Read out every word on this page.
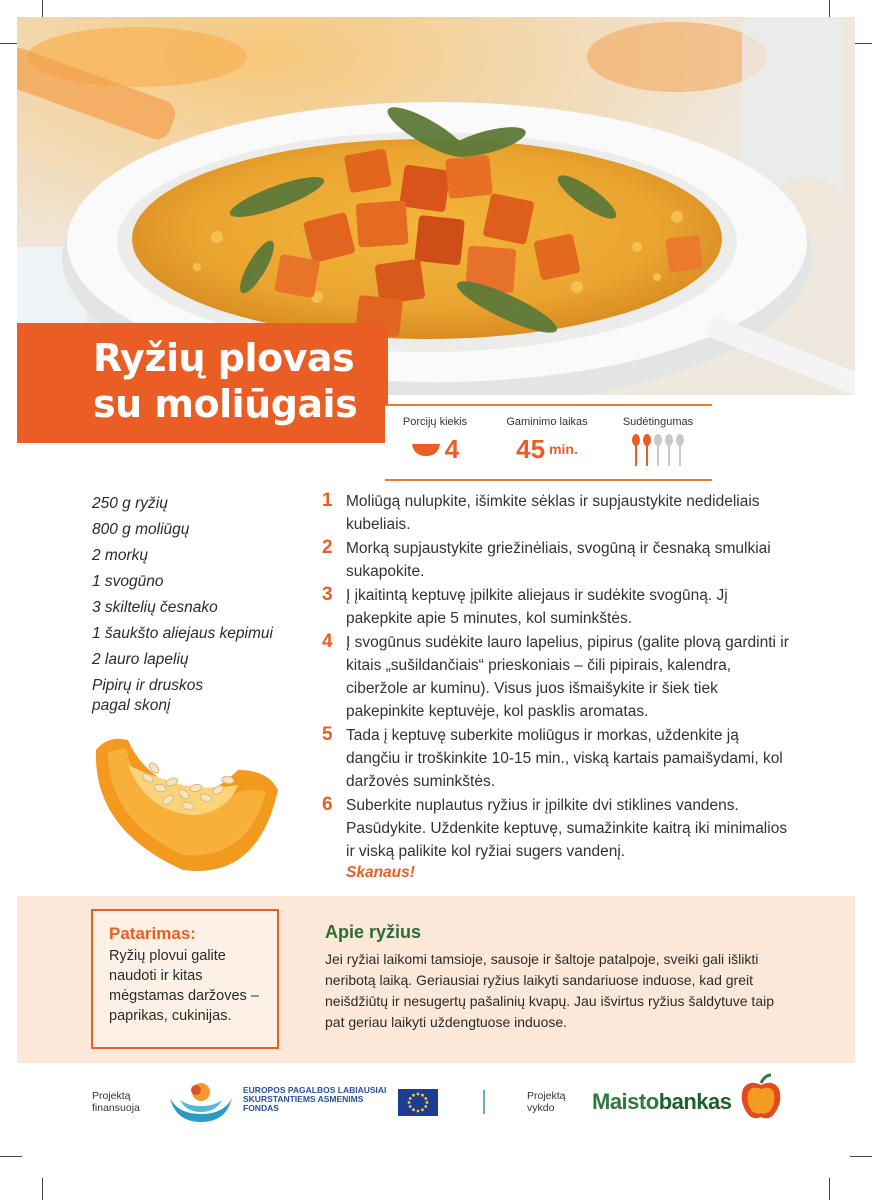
Ryžių plovas
su moliūgais	Porcijų kiekis
4
Gaminimo laikas
45 min.
Sudėtingumas
250 g ryžių
800 g moliūgų
2 morkų
1 svogūno
3 skiltelių česnako
1 šaukšto aliejaus kepimui
2 lauro lapelių
Pipirų ir druskos
pagal skonį
1 Moliūgą nulupkite, išimkite sėklas ir supjaustykite nedideliais kubeliais.
2 Morką supjaustykite griežinėliais, svogūną ir česnaką smulkiai sukapokite.
3 Į įkaitintą keptuvę įpilkite aliejaus ir sudėkite svogūną. Jį pakepkite apie 5 minutes, kol suminkštės.
4 Į svogūnus sudėkite lauro lapelius, pipirus (galite plovą gardinti ir kitais „sušildančiais“ prieskoniais – čili pipirais, kalendra, ciberžole ar kuminu). Visus juos išmaišykite ir šiek tiek pakepinkite keptuvėje, kol pasklis aromatas.
5 Tada į keptuvę suberkite moliūgus ir morkas, uždenkite ją dangčiu ir troškinkite 10-15 min., viską kartais pamaišydami, kol daržovės suminkštės.
6 Suberkite nuplautus ryžius ir įpilkite dvi stiklines vandens. Pasūdykite. Uždenkite keptuvę, sumažinkite kaitrą iki minimalios ir viską palikite kol ryžiai sugers vandenį.
Skanaus!
Patarimas:

Ryžių plovui galite naudoti ir kitas mėgstamas daržoves – paprikas, cukinijas.

Apie ryžius

Jei ryžiai laikomi tamsioje, sausoje ir šaltoje patalpoje, sveiki gali išlikti neribotą laiką. Geriausiai ryžius laikyti sandariuose induose, kad greit neišdžiūtų ir nesugertų pašalinių kvapų. Jau išvirtus ryžius šaldytuve taip pat geriau laikyti uždengtuose induose.

Projektą
finansuoja
EUROPOS PAGALBOS LABIAUSIAI
SKURSTANTIEMS ASMENIMS
FONDAS
Projektą
vykdo	Maistobankas
